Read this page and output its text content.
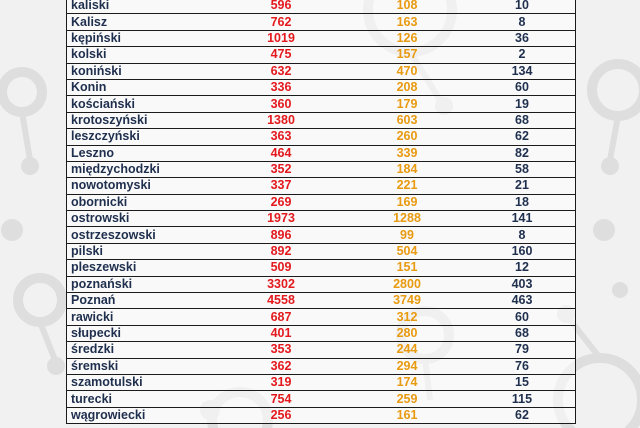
kaliski	596	108	10
Kalisz	762	163	8
kępiński	1019	126	36
kolski	475	157	2
koniński	632	470	134
Konin	336	208	60
kościański	360	179	19
krotoszyński	1380	603	68
leszczyński	363	260	62
Leszno	464	339	82
międzychodzki	352	184	58
nowotomyski	337	221	21
obornicki	269	169	18
ostrowski	1973	1288	141
ostrzeszowski	896	99	8
pilski	892	504	160
pleszewski	509	151	12
poznański	3302	2800	403
Poznań	4558	3749	463
rawicki	687	312	60
słupecki	401	280	68
średzki	353	244	79
śremski	362	294	76
szamotulski	319	174	15
turecki	754	259	115
wągrowiecki	256	161	62
